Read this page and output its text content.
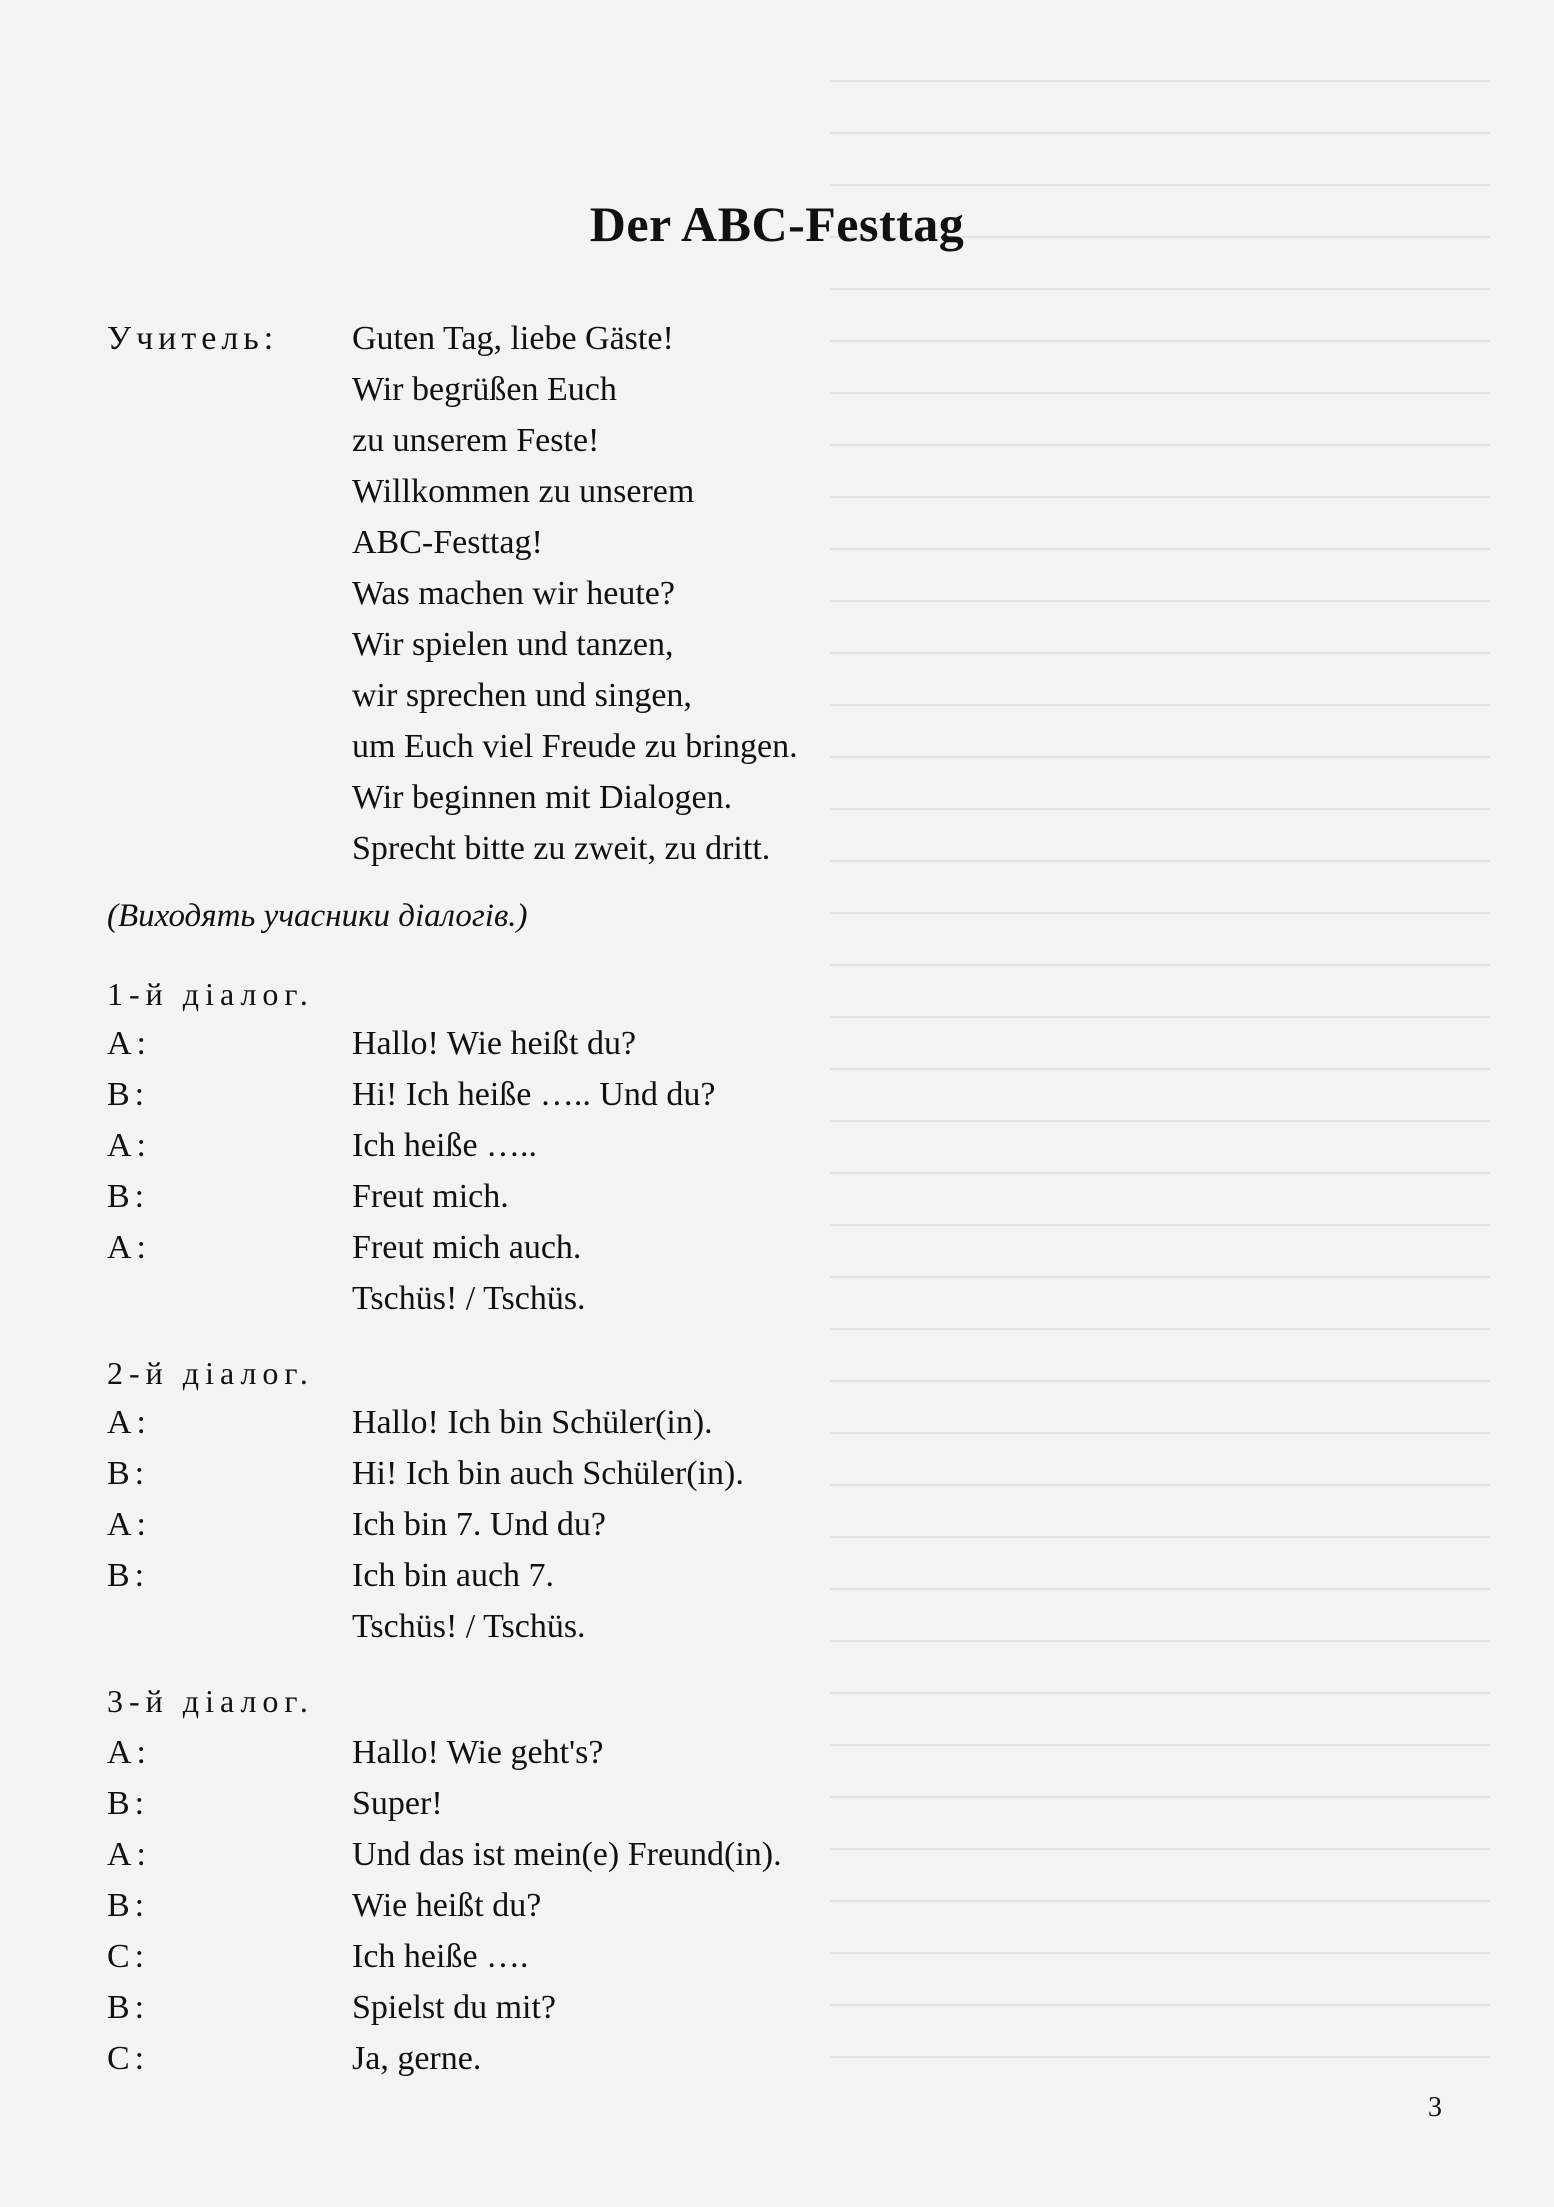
Der ABC-Festtag
Учитель: Guten Tag, liebe Gäste!
Wir begrüßen Euch
zu unserem Feste!
Willkommen zu unserem
ABC-Festtag!
Was machen wir heute?
Wir spielen und tanzen,
wir sprechen und singen,
um Euch viel Freude zu bringen.
Wir beginnen mit Dialogen.
Sprecht bitte zu zweit, zu dritt.
(Виходять учасники діалогів.)
1-й діалог.
A:	Hallo! Wie heißt du?
B:	Hi! Ich heiße ….. Und du?
A:	Ich heiße …..
B:	Freut mich.
A:	Freut mich auch.
Tschüs! / Tschüs.
2-й діалог.
A:	Hallo! Ich bin Schüler(in).
B:	Hi! Ich bin auch Schüler(in).
A:	Ich bin 7. Und du?
B:	Ich bin auch 7.
Tschüs! / Tschüs.
3-й діалог.
A:	Hallo! Wie geht's?
B:	Super!
A:	Und das ist mein(e) Freund(in).
B:	Wie heißt du?
C:	Ich heiße ….
B:	Spielst du mit?
C:	Ja, gerne.
3
